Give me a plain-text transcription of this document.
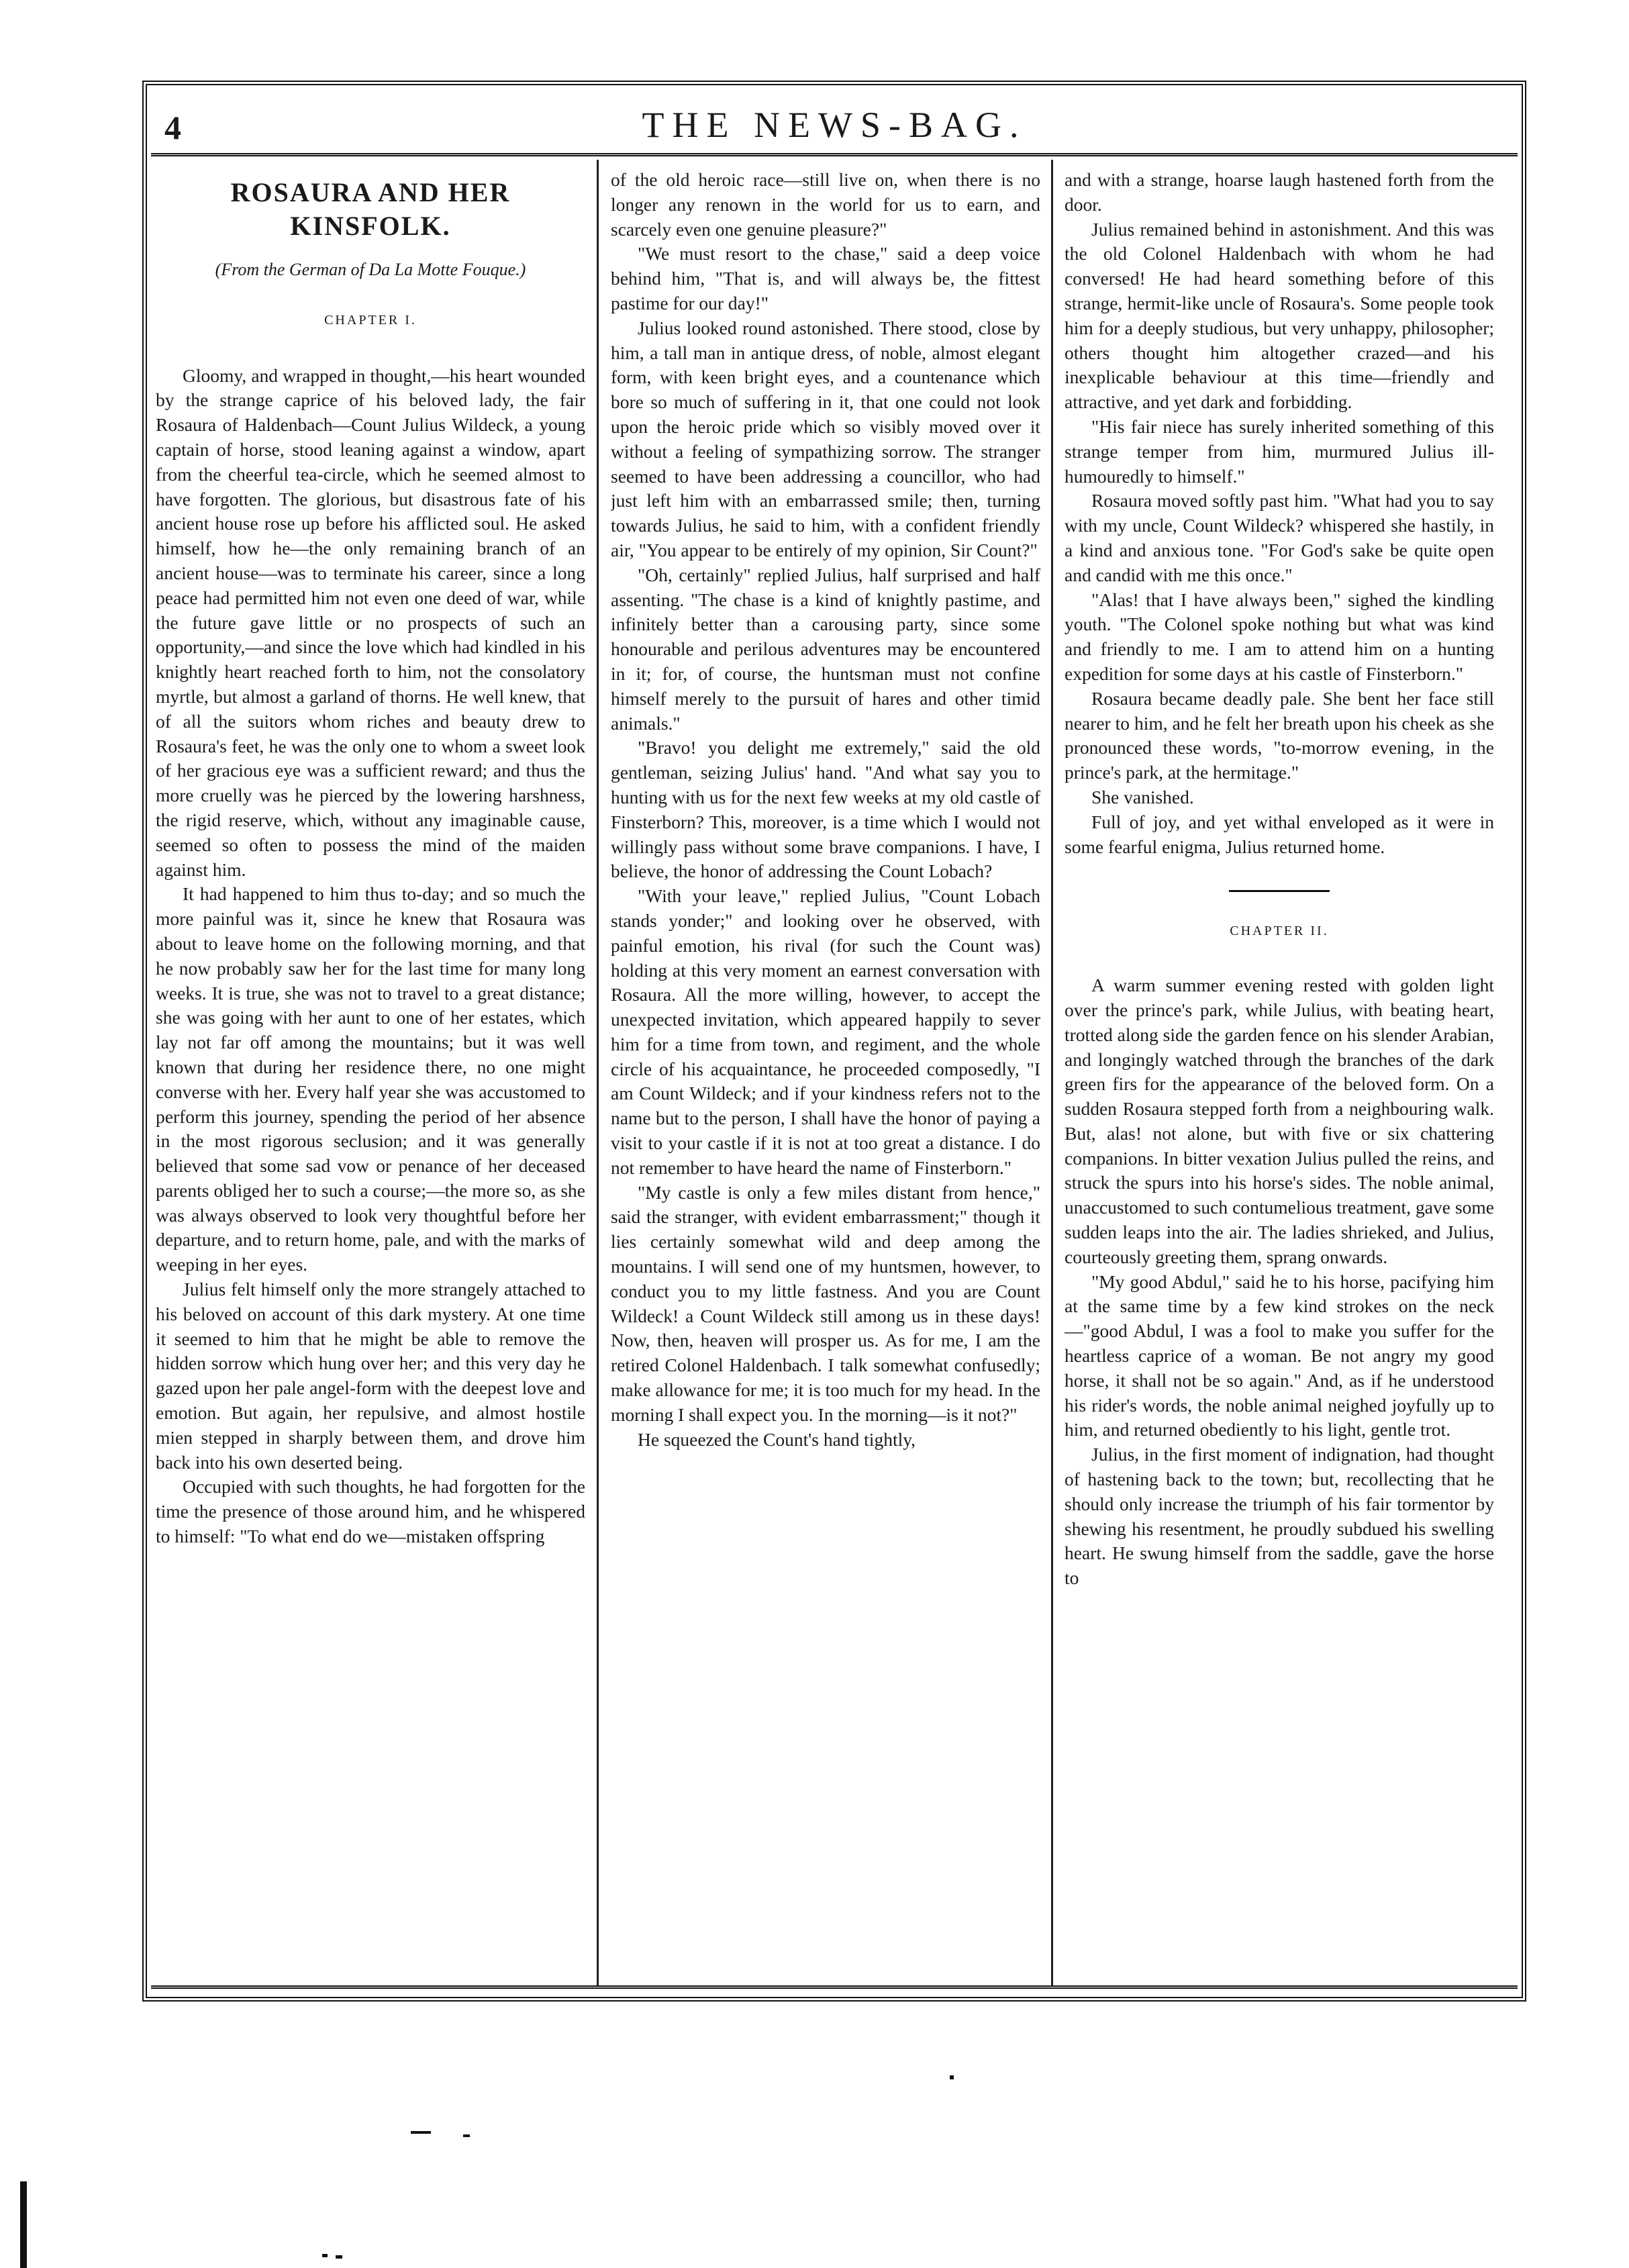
4	THE NEWS-BAG.
ROSAURA AND HER KINSFOLK.
(From the German of Da La Motte Fouque.)
CHAPTER I.

Gloomy, and wrapped in thought,—his heart wounded by the strange caprice of his beloved lady, the fair Rosaura of Haldenbach—Count Julius Wildeck, a young captain of horse, stood leaning against a window, apart from the cheerful tea-circle, which he seemed almost to have forgotten. The glorious, but disastrous fate of his ancient house rose up before his afflicted soul. He asked himself, how he—the only remaining branch of an ancient house—was to terminate his career, since a long peace had permitted him not even one deed of war, while the future gave little or no prospects of such an opportunity,—and since the love which had kindled in his knightly heart reached forth to him, not the consolatory myrtle, but almost a garland of thorns. He well knew, that of all the suitors whom riches and beauty drew to Rosaura's feet, he was the only one to whom a sweet look of her gracious eye was a sufficient reward; and thus the more cruelly was he pierced by the lowering harshness, the rigid reserve, which, without any imaginable cause, seemed so often to possess the mind of the maiden against him.

It had happened to him thus to-day; and so much the more painful was it, since he knew that Rosaura was about to leave home on the following morning, and that he now probably saw her for the last time for many long weeks. It is true, she was not to travel to a great distance; she was going with her aunt to one of her estates, which lay not far off among the mountains; but it was well known that during her residence there, no one might converse with her. Every half year she was accustomed to perform this journey, spending the period of her absence in the most rigorous seclusion; and it was generally believed that some sad vow or penance of her deceased parents obliged her to such a course;—the more so, as she was always observed to look very thoughtful before her departure, and to return home, pale, and with the marks of weeping in her eyes.

Julius felt himself only the more strangely attached to his beloved on account of this dark mystery. At one time it seemed to him that he might be able to remove the hidden sorrow which hung over her; and this very day he gazed upon her pale angel-form with the deepest love and emotion. But again, her repulsive, and almost hostile mien stepped in sharply between them, and drove him back into his own deserted being.

Occupied with such thoughts, he had forgotten for the time the presence of those around him, and he whispered to himself: "To what end do we—mistaken offspring

of the old heroic race—still live on, when there is no longer any renown in the world for us to earn, and scarcely even one genuine pleasure?"

"We must resort to the chase," said a deep voice behind him, "That is, and will always be, the fittest pastime for our day!"

Julius looked round astonished. There stood, close by him, a tall man in antique dress, of noble, almost elegant form, with keen bright eyes, and a countenance which bore so much of suffering in it, that one could not look upon the heroic pride which so visibly moved over it without a feeling of sympathizing sorrow. The stranger seemed to have been addressing a councillor, who had just left him with an embarrassed smile; then, turning towards Julius, he said to him, with a confident friendly air, "You appear to be entirely of my opinion, Sir Count?"

"Oh, certainly" replied Julius, half surprised and half assenting. "The chase is a kind of knightly pastime, and infinitely better than a carousing party, since some honourable and perilous adventures may be encountered in it; for, of course, the huntsman must not confine himself merely to the pursuit of hares and other timid animals."

"Bravo! you delight me extremely," said the old gentleman, seizing Julius' hand. "And what say you to hunting with us for the next few weeks at my old castle of Finsterborn? This, moreover, is a time which I would not willingly pass without some brave companions. I have, I believe, the honor of addressing the Count Lobach?

"With your leave," replied Julius, "Count Lobach stands yonder;" and looking over he observed, with painful emotion, his rival (for such the Count was) holding at this very moment an earnest conversation with Rosaura. All the more willing, however, to accept the unexpected invitation, which appeared happily to sever him for a time from town, and regiment, and the whole circle of his acquaintance, he proceeded composedly, "I am Count Wildeck; and if your kindness refers not to the name but to the person, I shall have the honor of paying a visit to your castle if it is not at too great a distance. I do not remember to have heard the name of Finsterborn."

"My castle is only a few miles distant from hence," said the stranger, with evident embarrassment;" though it lies certainly somewhat wild and deep among the mountains. I will send one of my huntsmen, however, to conduct you to my little fastness. And you are Count Wildeck! a Count Wildeck still among us in these days! Now, then, heaven will prosper us. As for me, I am the retired Colonel Haldenbach. I talk somewhat confusedly; make allowance for me; it is too much for my head. In the morning I shall expect you. In the morning—is it not?"

He squeezed the Count's hand tightly,

and with a strange, hoarse laugh hastened forth from the door.

Julius remained behind in astonishment. And this was the old Colonel Haldenbach with whom he had conversed! He had heard something before of this strange, hermit-like uncle of Rosaura's. Some people took him for a deeply studious, but very unhappy, philosopher; others thought him altogether crazed—and his inexplicable behaviour at this time—friendly and attractive, and yet dark and forbidding.

"His fair niece has surely inherited something of this strange temper from him, murmured Julius ill-humouredly to himself."

Rosaura moved softly past him. "What had you to say with my uncle, Count Wildeck? whispered she hastily, in a kind and anxious tone. "For God's sake be quite open and candid with me this once."

"Alas! that I have always been," sighed the kindling youth. "The Colonel spoke nothing but what was kind and friendly to me. I am to attend him on a hunting expedition for some days at his castle of Finsterborn."

Rosaura became deadly pale. She bent her face still nearer to him, and he felt her breath upon his cheek as she pronounced these words, "to-morrow evening, in the prince's park, at the hermitage."

She vanished.

Full of joy, and yet withal enveloped as it were in some fearful enigma, Julius returned home.

CHAPTER II.

A warm summer evening rested with golden light over the prince's park, while Julius, with beating heart, trotted along side the garden fence on his slender Arabian, and longingly watched through the branches of the dark green firs for the appearance of the beloved form. On a sudden Rosaura stepped forth from a neighbouring walk. But, alas! not alone, but with five or six chattering companions. In bitter vexation Julius pulled the reins, and struck the spurs into his horse's sides. The noble animal, unaccustomed to such contumelious treatment, gave some sudden leaps into the air. The ladies shrieked, and Julius, courteously greeting them, sprang onwards.

"My good Abdul," said he to his horse, pacifying him at the same time by a few kind strokes on the neck—"good Abdul, I was a fool to make you suffer for the heartless caprice of a woman. Be not angry my good horse, it shall not be so again." And, as if he understood his rider's words, the noble animal neighed joyfully up to him, and returned obediently to his light, gentle trot.

Julius, in the first moment of indignation, had thought of hastening back to the town; but, recollecting that he should only increase the triumph of his fair tormentor by shewing his resentment, he proudly subdued his swelling heart. He swung himself from the saddle, gave the horse to
